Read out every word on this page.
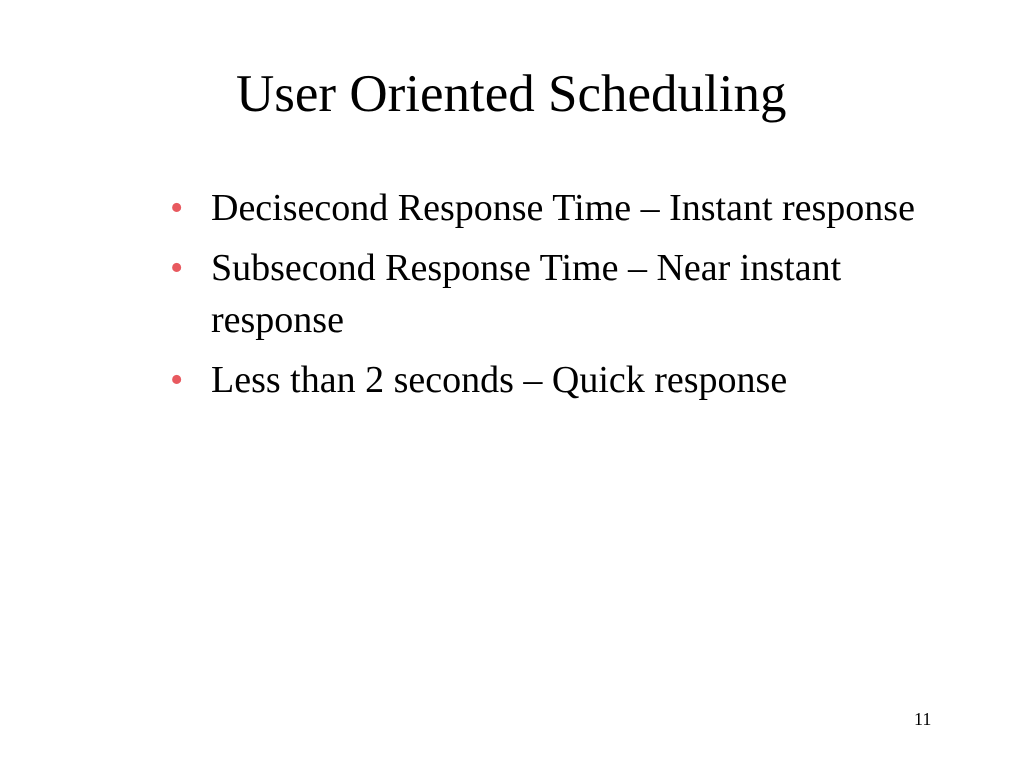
User Oriented Scheduling
• Decisecond Response Time – Instant response
• Subsecond Response Time – Near instant response
• Less than 2 seconds – Quick response
11
